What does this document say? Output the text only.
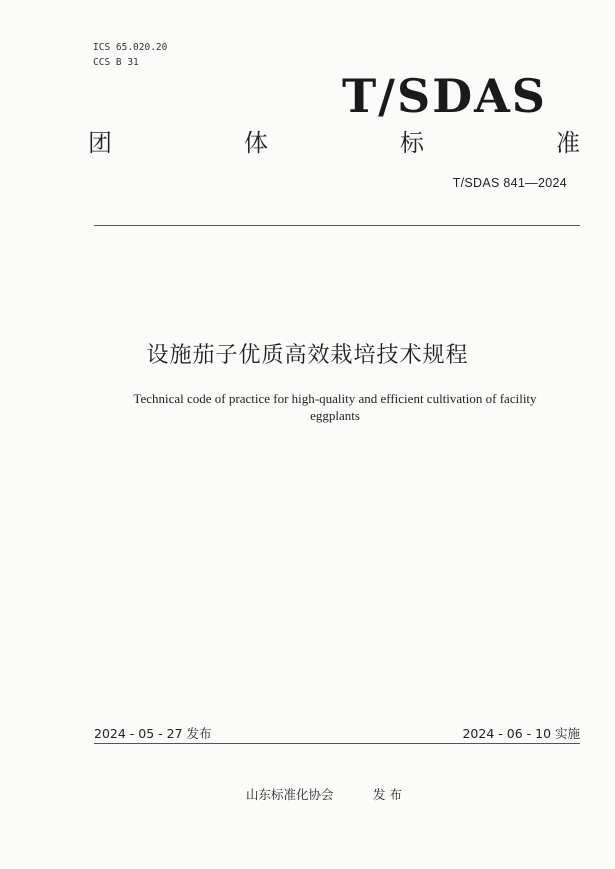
ICS 65.020.20
CCS B 31
T/SDAS
团	体	标	准
T/SDAS 841—2024
设施茄子优质高效栽培技术规程
Technical code of practice for high-quality and efficient cultivation of facility
eggplants
2024 - 05 - 27 发布	2024 - 06 - 10 实施
山东标准化协会	发布
